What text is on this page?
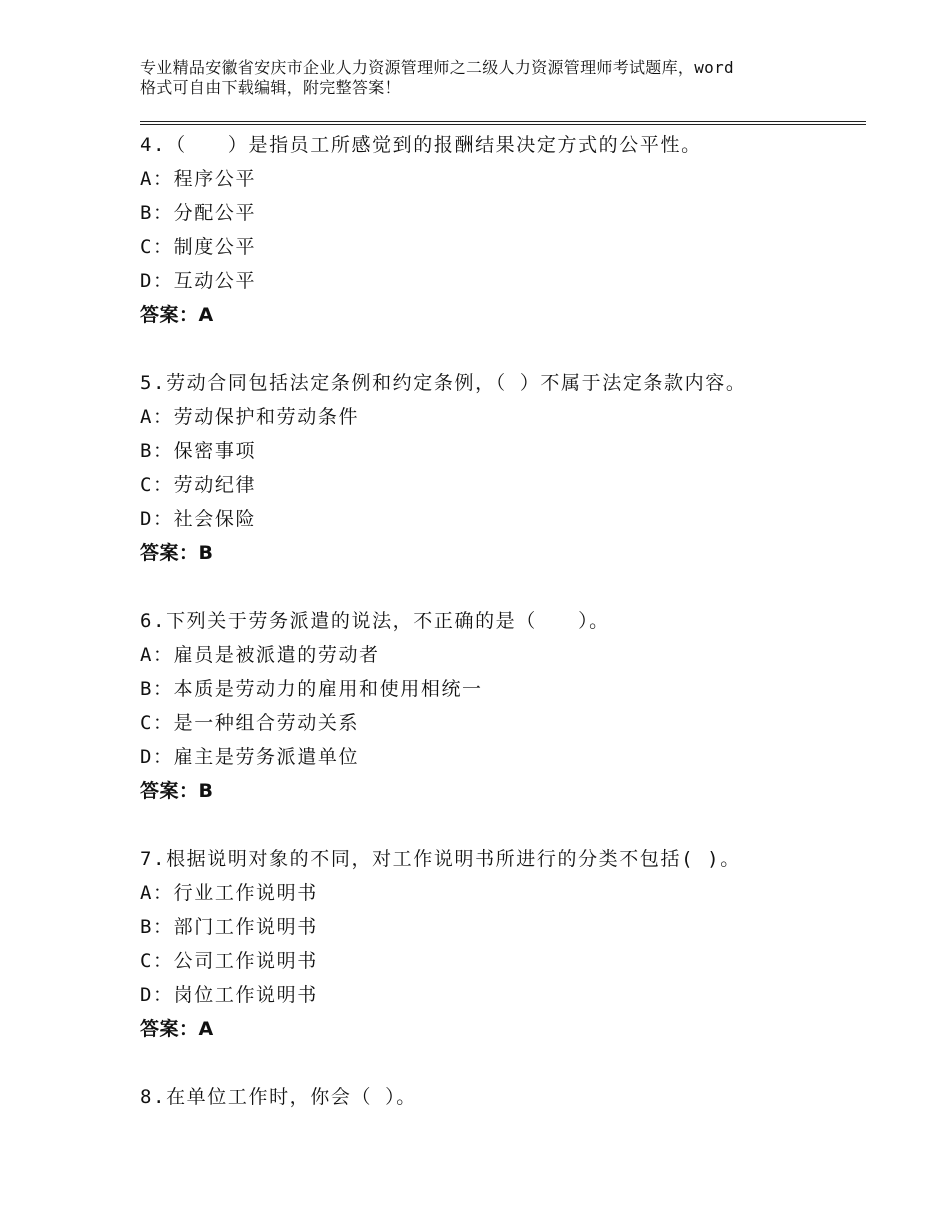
专业精品安徽省安庆市企业人力资源管理师之二级人力资源管理师考试题库，word
格式可自由下载编辑，附完整答案！
4.（　　）是指员工所感觉到的报酬结果决定方式的公平性。
A：程序公平
B：分配公平
C：制度公平
D：互动公平
答案：A
5.劳动合同包括法定条例和约定条例，（ ）不属于法定条款内容。
A：劳动保护和劳动条件
B：保密事项
C：劳动纪律
D：社会保险
答案：B
6.下列关于劳务派遣的说法，不正确的是（　　）。
A：雇员是被派遣的劳动者
B：本质是劳动力的雇用和使用相统一
C：是一种组合劳动关系
D：雇主是劳务派遣单位
答案：B
7.根据说明对象的不同，对工作说明书所进行的分类不包括( )。
A：行业工作说明书
B：部门工作说明书
C：公司工作说明书
D：岗位工作说明书
答案：A
8.在单位工作时，你会（ ）。
